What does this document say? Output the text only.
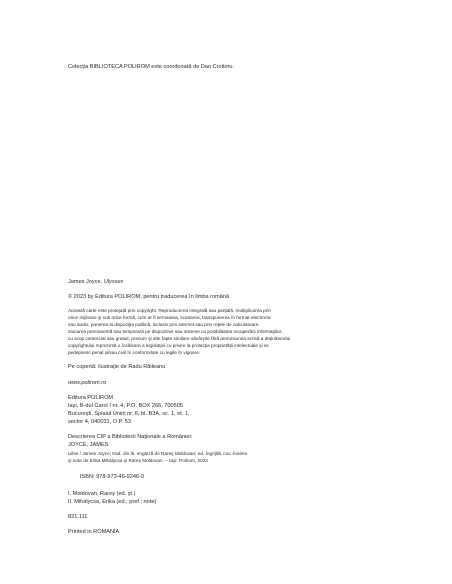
Colecția BIBLIOTECA POLIROM este coordonată de Dan Croitoru.

James Joyce, Ulysses

© 2023 by Editura POLIROM, pentru traducerea în limba română

Această carte este protejată prin copyright. Reproducerea integrală sau parţială, multiplicarea prin

orice mijloace şi sub orice formă, cum ar fi xeroxarea, scanarea, transpunerea în format electronic

sau audio, punerea la dispoziţia publică, inclusiv prin internet sau prin reţele de calculatoare,

stocarea permanentă sau temporară pe dispozitive sau sisteme cu posibilitatea recuperării informaţiilor,

cu scop comercial sau gratuit, precum şi alte fapte similare săvârşite fără permisiunea scrisă a deţinătorului

copyrightului reprezintă o încălcare a legislaţiei cu privire la protecţia proprietăţii intelectuale şi se

pedepsesc penal şi/sau civil în conformitate cu legile în vigoare.

Pe copertă: ilustraţie de Radu Răileanu

www.polirom.ro

Editura POLIROM

Iaşi, B-dul Carol I nr. 4; P.O. BOX 266, 700505

Bucureşti, Splaiul Unirii nr. 6, bl. B3A, sc. 1, et. 1,

sector 4, 040031, O.P. 53

Descrierea CIP a Bibliotecii Naţionale a României:

JOYCE, JAMES

Ulise / James Joyce; trad. din lb. engleză de Rareş Moldovan; ed. îngrijită, cuv.-înainte

şi note de Erika Mihálycsa şi Rareş Moldovan. – Iaşi: Polirom, 2023

ISBN: 978-973-46-9246-0

I. Moldovan, Rareş (ed. şt.)

II. Mihálycsa, Erika (ed.; pref.; note)

821.111

Printed in ROMANIA
